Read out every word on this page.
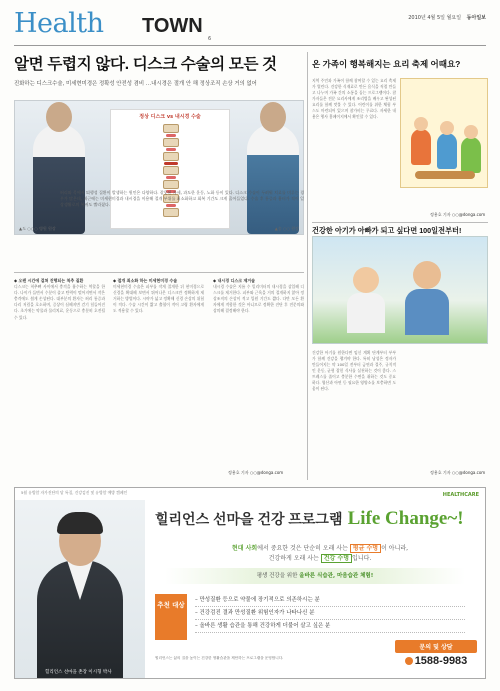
Health TOWN
6
2010년 4월 5일 월요일 동아일보
알면 두렵지 않다. 디스크 수술의 모든 것
진화하는 디스크수술, 미세현미경은 정확성 안전성 겸비 …내시경은 절개 안 해 정상조직 손상 거의 없어
정상 디스크 vs 내시경 수술
▲도 ○○○ 병원 원장	▲송 ○○ 원장
허리와 목에서 퇴행성 질환이 발생하는 원인은 다양하다. 잘못된 자세, 과도한 운동, 노화 등이 있다. 디스크 수술이 두려워 치료를 미루는 경우가 많은데, 최근에는 미세현미경과 내시경을 이용해 절개 부위를 최소화하고 회복 기간도 크게 줄어들었다. 수술 후 통증과 흉터가 적어 일상생활로의 복귀도 빨라졌다.
◆ 오랜 시간에 걸쳐 진행되는 척추 질환
디스크는 척추뼈 사이에서 충격을 흡수하는 역할을 한다. 나이가 들면서 수분이 줄고 탄력이 떨어지면서 작은 충격에도 쉽게 손상된다. 대부분의 환자는 허리 통증과 다리 저림을 호소하며, 증상이 심해지면 걷기 힘들어진다. 초기에는 약물과 물리치료, 운동으로 충분히 호전될 수 있다.
◆ 절개 최소화 하는 미세현미경 수술
미세현미경 수술은 피부를 작게 절개한 뒤 현미경으로 신경을 확대해 보면서 튀어나온 디스크만 정확하게 제거하는 방법이다. 시야가 넓고 정확해 신경 손상의 위험이 적다. 수술 시간이 짧고 출혈이 적어 고령 환자에게도 적용할 수 있다.
◆ 내시경 디스크 제거술
내시경 수술은 지름 수 밀리미터의 내시경을 삽입해 디스크를 제거한다. 피부와 근육을 거의 절개하지 않아 정상조직의 손상이 적고 입원 기간도 짧다. 다만 모든 환자에게 적합한 것은 아니므로 정확한 진단 후 전문의와 상의해 결정해야 한다.
정용호 기자 ○○@donga.com
온 가족이 행복해지는 요리 축제 어때요?
지역 주민과 가족이 함께 참여할 수 있는 요리 축제가 열린다. 건강한 식재료로 만든 음식을 직접 만들고 나누며 가족 간의 소통을 돕는 프로그램이다. 참가자들은 전문 요리사에게 조리법을 배우고 완성된 요리를 함께 맛볼 수 있다. 어린이를 위한 체험 부스도 마련되어 있으며 참가비는 무료다. 자세한 내용은 행사 홈페이지에서 확인할 수 있다.
정용호 기자 ○○@donga.com
건강한 아기가 아빠가 되고 싶다면 100일전부터!
건강한 아기를 원한다면 임신 계획 단계부터 부부가 함께 건강을 챙겨야 한다. 특히 남성은 정자가 만들어지는 약 100일 전부터 금연과 절주, 규칙적인 운동, 균형 잡힌 식사를 실천하는 것이 좋다. 스트레스를 줄이고 충분한 수면을 취하는 것도 중요하다. 엽산과 아연 등 필요한 영양소를 보충하면 도움이 된다.
정용호 기자 ○○@donga.com
5월 유방암 자가진단의 달 특집, 건강검진 및 유방암 예방 캠페인	HEALTHCARE
힐리언스 선마을 촌장 이시형 박사
힐리언스 선마을 건강 프로그램 Life Change~!
현대 사회에서 중요한 것은 단순히 오래 사는 평균 수명 이 아니라,
건강하게 오래 사는 건강 수명 입니다.
평생 건강을 위한 올바른 식습관, 마음습관 체험!
추천 대상
– 만성질환 등으로 약물에 장기적으로 의존하시는 분
– 건강검진 결과 만성질환 위험인자가 나타나신 분
– 올바른 생활 습관을 통해 건강하게 더불어 살고 싶은 분
힐리언스는 삶의 질을 높이는 건강한 생활습관을 제안하는 프로그램을 운영합니다.
문의 및 상담
1588-9983
